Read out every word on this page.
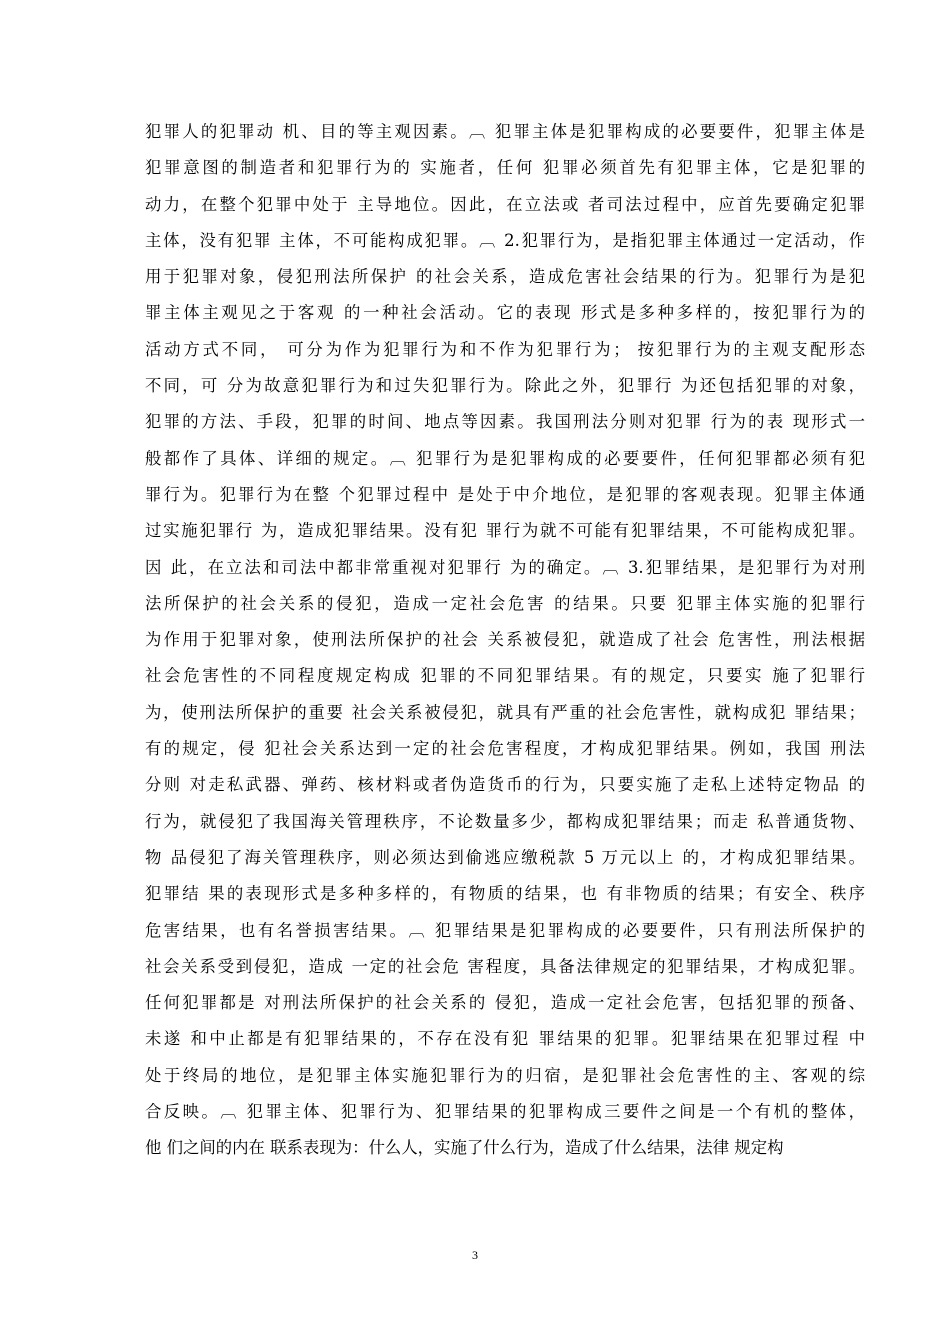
犯罪人的犯罪动 机、目的等主观因素。︹ 犯罪主体是犯罪构成的必要要件，犯罪主体是
犯罪意图的制造者和犯罪行为的 实施者，任何 犯罪必须首先有犯罪主体，它是犯罪的
动力，在整个犯罪中处于 主导地位。因此，在立法或 者司法过程中，应首先要确定犯罪
主体，没有犯罪 主体，不可能构成犯罪。︹ 2.犯罪行为，是指犯罪主体通过一定活动，作
用于犯罪对象，侵犯刑法所保护 的社会关系，造成危害社会结果的行为。犯罪行为是犯
罪主体主观见之于客观 的一种社会活动。它的表现 形式是多种多样的，按犯罪行为的
活动方式不同， 可分为作为犯罪行为和不作为犯罪行为； 按犯罪行为的主观支配形态
不同，可 分为故意犯罪行为和过失犯罪行为。除此之外，犯罪行 为还包括犯罪的对象，
犯罪的方法、手段，犯罪的时间、地点等因素。我国刑法分则对犯罪 行为的表 现形式一
般都作了具体、详细的规定。︹ 犯罪行为是犯罪构成的必要要件，任何犯罪都必须有犯
罪行为。犯罪行为在整 个犯罪过程中 是处于中介地位，是犯罪的客观表现。犯罪主体通
过实施犯罪行 为，造成犯罪结果。没有犯 罪行为就不可能有犯罪结果，不可能构成犯罪。
因 此，在立法和司法中都非常重视对犯罪行 为的确定。︹ 3.犯罪结果，是犯罪行为对刑
法所保护的社会关系的侵犯，造成一定社会危害 的结果。只要 犯罪主体实施的犯罪行
为作用于犯罪对象，使刑法所保护的社会 关系被侵犯，就造成了社会 危害性，刑法根据
社会危害性的不同程度规定构成 犯罪的不同犯罪结果。有的规定，只要实 施了犯罪行
为，使刑法所保护的重要 社会关系被侵犯，就具有严重的社会危害性，就构成犯 罪结果；
有的规定，侵 犯社会关系达到一定的社会危害程度，才构成犯罪结果。例如，我国 刑法
分则 对走私武器、弹药、核材料或者伪造货币的行为，只要实施了走私上述特定物品 的
行为，就侵犯了我国海关管理秩序，不论数量多少，都构成犯罪结果；而走 私普通货物、
物 品侵犯了海关管理秩序，则必须达到偷逃应缴税款 5 万元以上 的，才构成犯罪结果。
犯罪结 果的表现形式是多种多样的，有物质的结果，也 有非物质的结果；有安全、秩序
危害结果，也有名誉损害结果。︹ 犯罪结果是犯罪构成的必要要件，只有刑法所保护的
社会关系受到侵犯，造成 一定的社会危 害程度，具备法律规定的犯罪结果，才构成犯罪。
任何犯罪都是 对刑法所保护的社会关系的 侵犯，造成一定社会危害，包括犯罪的预备、
未遂 和中止都是有犯罪结果的，不存在没有犯 罪结果的犯罪。犯罪结果在犯罪过程 中
处于终局的地位，是犯罪主体实施犯罪行为的归宿，是犯罪社会危害性的主、客观的综
合反映。︹ 犯罪主体、犯罪行为、犯罪结果的犯罪构成三要件之间是一个有机的整体，
他 们之间的内在 联系表现为：什么人，实施了什么行为，造成了什么结果，法律 规定构
3
